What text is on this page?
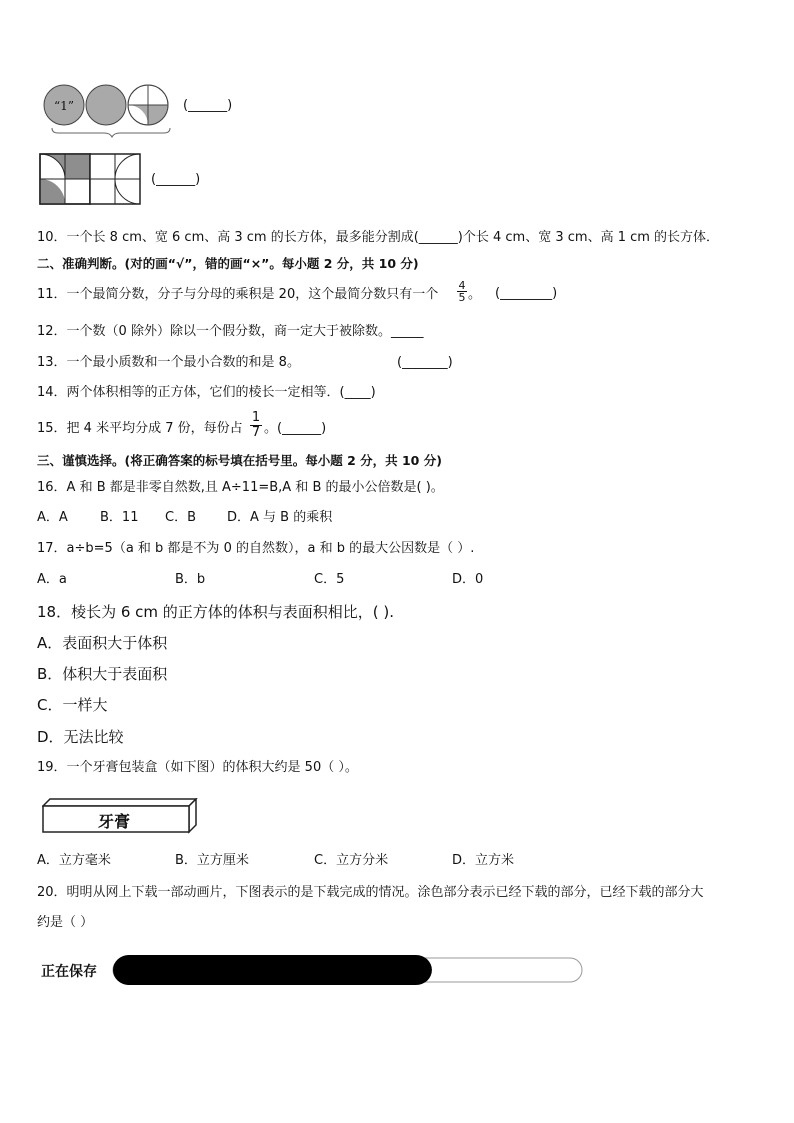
“1”	(______)
(______)
10．一个长 8 cm、宽 6 cm、高 3 cm 的长方体，最多能分割成(______)个长 4 cm、宽 3 cm、高 1 cm 的长方体．
二、准确判断。(对的画“√”，错的画“×”。每小题 2 分，共 10 分)
11．一个最简分数，分子与分母的乘积是 20，这个最简分数只有一个 $\frac{4}{5}$ 。 (________)
12．一个数（0 除外）除以一个假分数，商一定大于被除数。_____
13．一个最小质数和一个最小合数的和是 8。	(_______)
14．两个体积相等的正方体，它们的棱长一定相等．(____)
15．把 4 米平均分成 7 份，每份占 $\frac{1}{7}$ 。(______)
三、谨慎选择。(将正确答案的标号填在括号里。每小题 2 分，共 10 分)
16．A 和 B 都是非零自然数,且 A÷11=B,A 和 B 的最小公倍数是( )。
A．A B．11 C．B D．A 与 B 的乘积
17．a÷b=5（a 和 b 都是不为 0 的自然数），a 和 b 的最大公因数是（ ）.
A．a	B．b	C．5	D．0
18．棱长为 6 cm 的正方体的体积与表面积相比，( ).
A．表面积大于体积
B．体积大于表面积
C．一样大
D．无法比较
19．一个牙膏包装盒（如下图）的体积大约是 50（ ）。
牙膏
A．立方毫米	B．立方厘米	C．立方分米	D．立方米
20．明明从网上下载一部动画片，下图表示的是下载完成的情况。涂色部分表示已经下载的部分，已经下载的部分大
约是（ ）
正在保存
